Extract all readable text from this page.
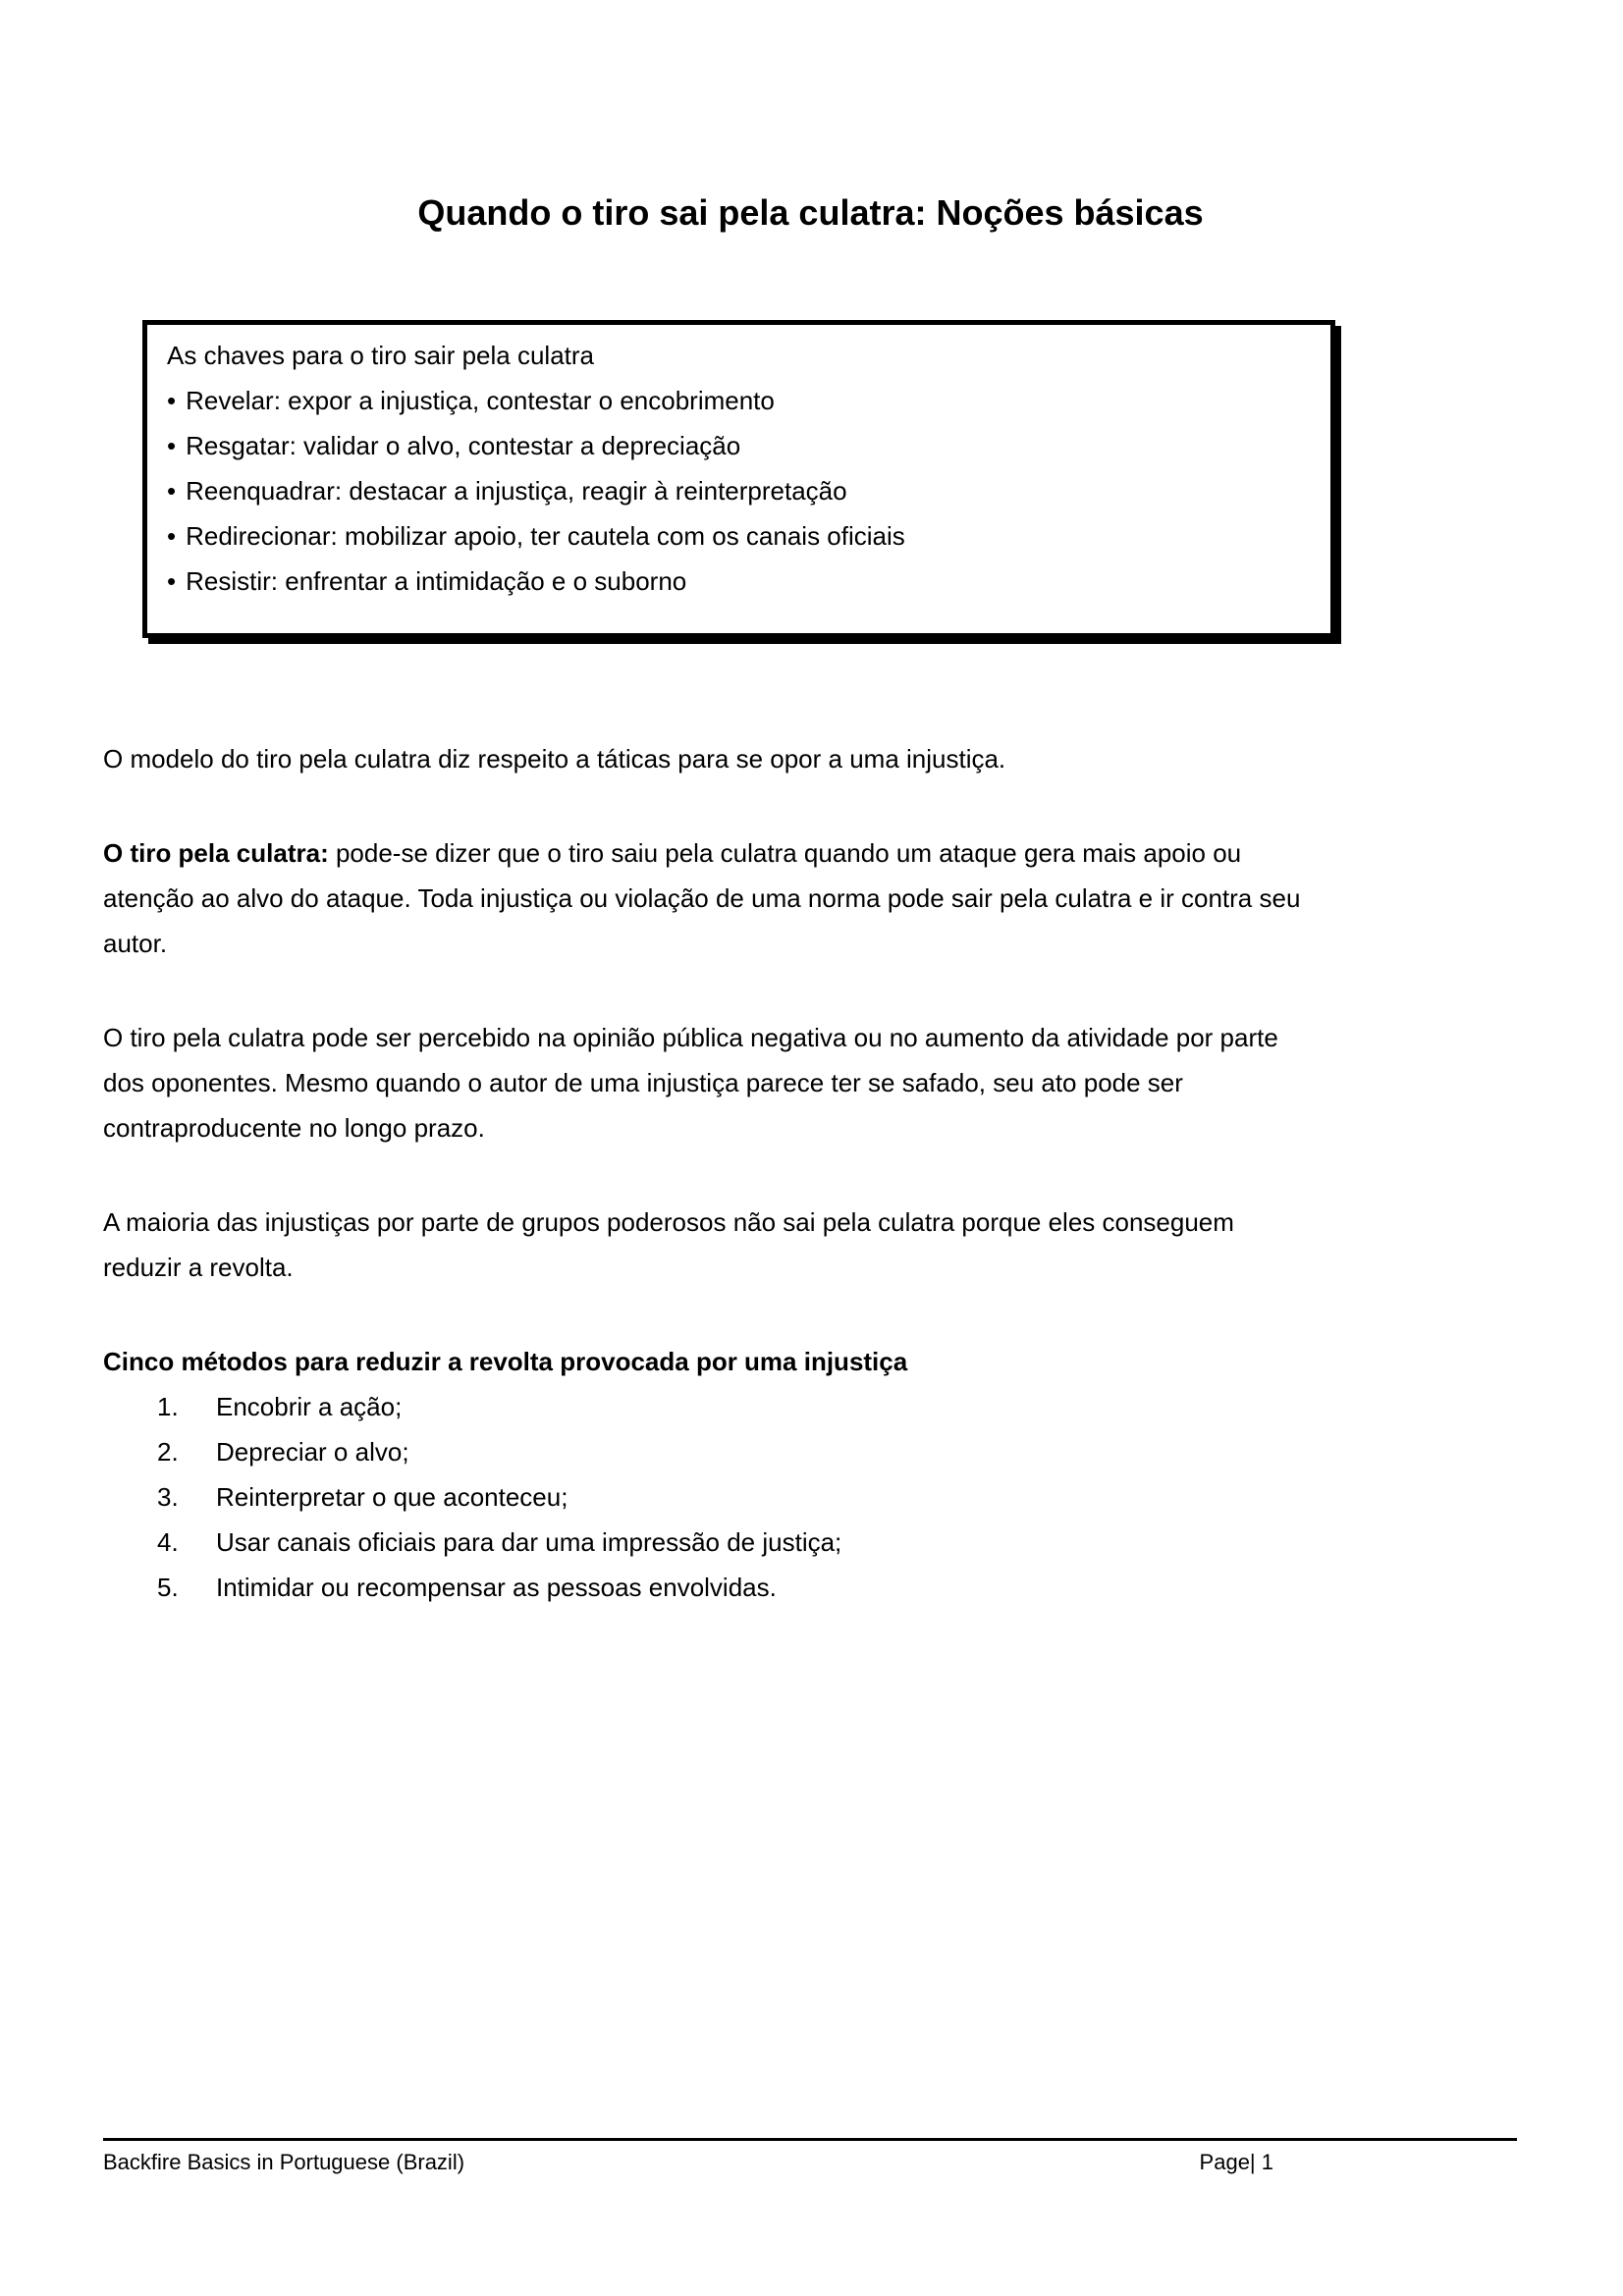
Quando o tiro sai pela culatra: Noções básicas
As chaves para o tiro sair pela culatra
• Revelar: expor a injustiça, contestar o encobrimento
• Resgatar: validar o alvo, contestar a depreciação
• Reenquadrar: destacar a injustiça, reagir à reinterpretação
• Redirecionar: mobilizar apoio, ter cautela com os canais oficiais
• Resistir: enfrentar a intimidação e o suborno

O modelo do tiro pela culatra diz respeito a táticas para se opor a uma injustiça.

O tiro pela culatra: pode-se dizer que o tiro saiu pela culatra quando um ataque gera mais apoio ou
atenção ao alvo do ataque. Toda injustiça ou violação de uma norma pode sair pela culatra e ir contra seu
autor.
O tiro pela culatra pode ser percebido na opinião pública negativa ou no aumento da atividade por parte
dos oponentes. Mesmo quando o autor de uma injustiça parece ter se safado, seu ato pode ser
contraproducente no longo prazo.
A maioria das injustiças por parte de grupos poderosos não sai pela culatra porque eles conseguem
reduzir a revolta.
Cinco métodos para reduzir a revolta provocada por uma injustiça
1. Encobrir a ação;
2. Depreciar o alvo;
3. Reinterpretar o que aconteceu;
4. Usar canais oficiais para dar uma impressão de justiça;
5. Intimidar ou recompensar as pessoas envolvidas.
Backfire Basics in Portuguese (Brazil)	Page| 1
